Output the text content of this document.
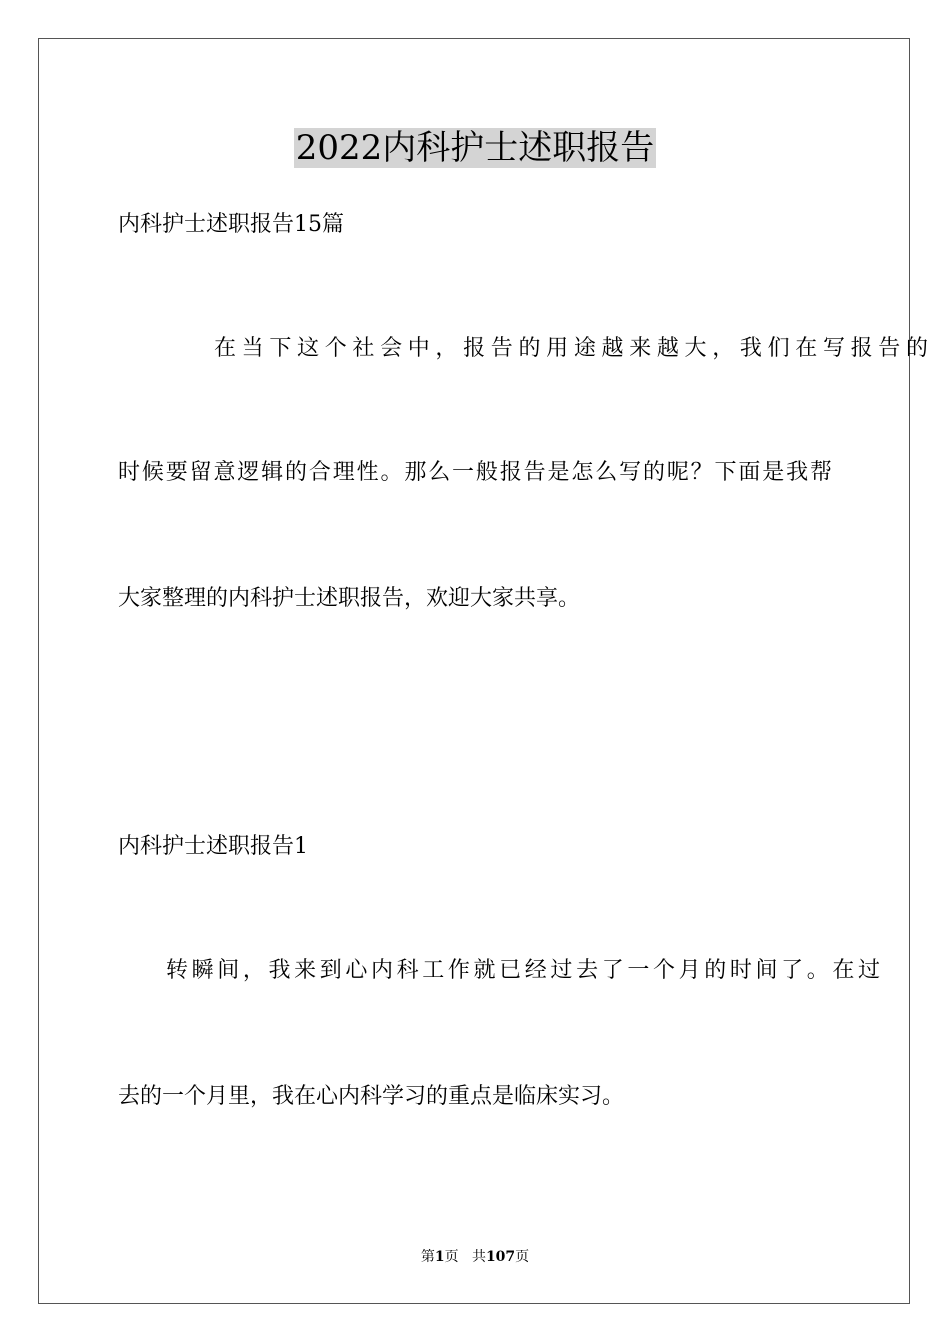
2022内科护士述职报告
内科护士述职报告15篇
在当下这个社会中，报告的用途越来越大，我们在写报告的
时候要留意逻辑的合理性。那么一般报告是怎么写的呢？下面是我帮
大家整理的内科护士述职报告，欢迎大家共享。
内科护士述职报告1
转瞬间，我来到心内科工作就已经过去了一个月的时间了。在过
去的一个月里，我在心内科学习的重点是临床实习。
第1页 共107页
